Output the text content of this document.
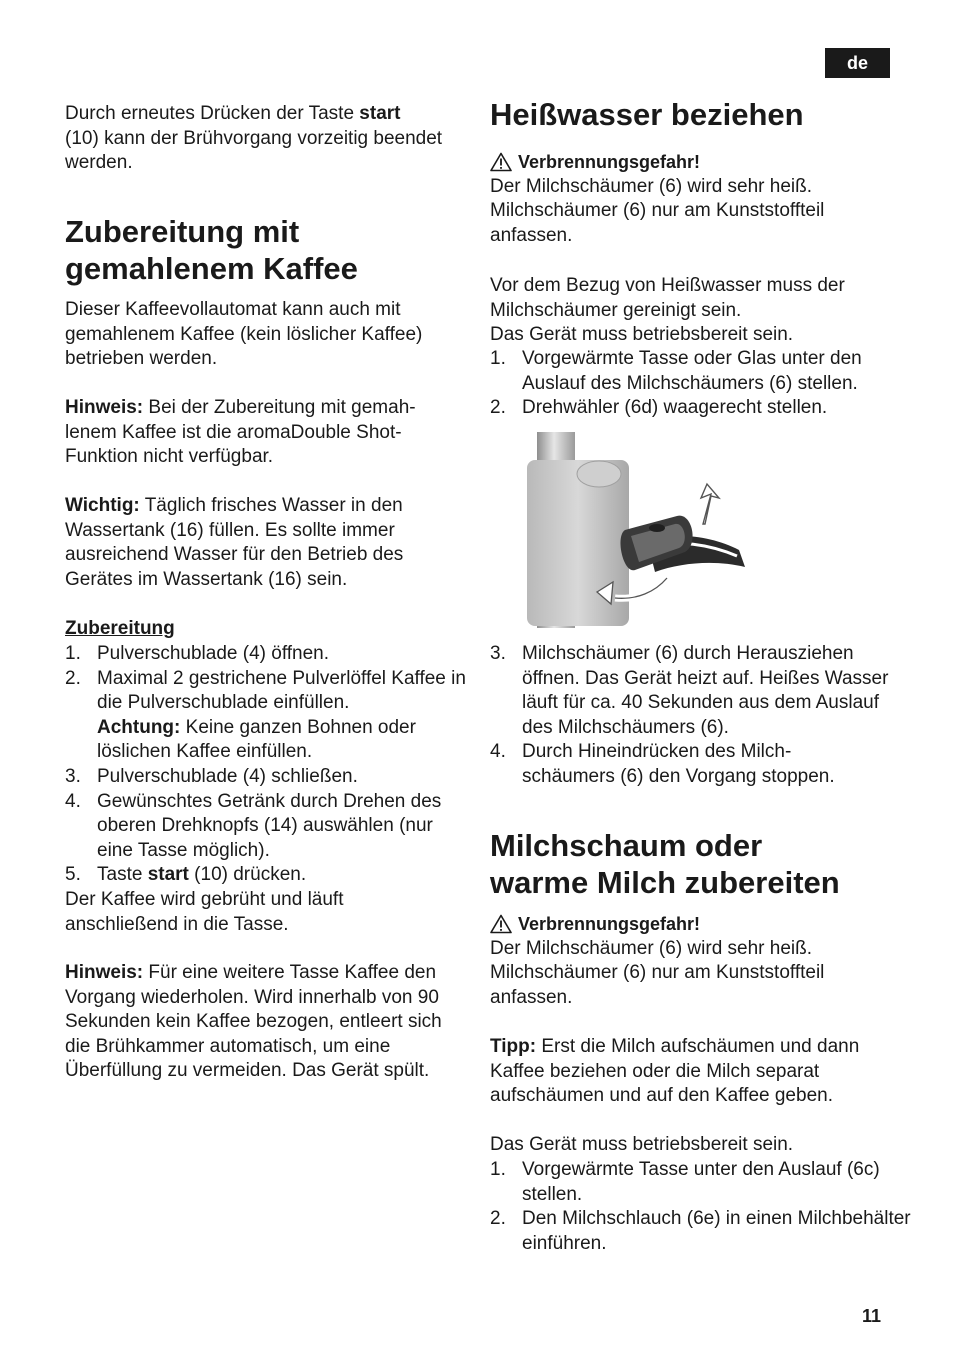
de

Durch erneutes Drücken der Taste start
(10) kann der Brühvorgang vorzeitig beendet werden.

Zubereitung mit
gemahlenem Kaffee

Dieser Kaffeevollautomat kann auch mit gemahlenem Kaffee (kein löslicher Kaffee) betrieben werden.

Hinweis: Bei der Zubereitung mit gemahlenem Kaffee ist die aromaDouble Shot-Funktion nicht verfügbar.

Wichtig: Täglich frisches Wasser in den Wassertank (16) füllen. Es sollte immer ausreichend Wasser für den Betrieb des Gerätes im Wassertank (16) sein.

Zubereitung

1. Pulverschublade (4) öffnen.
2. Maximal 2 gestrichene Pulverlöffel Kaffee in die Pulverschublade einfüllen.
Achtung: Keine ganzen Bohnen oder löslichen Kaffee einfüllen.
3. Pulverschublade (4) schließen.
4. Gewünschtes Getränk durch Drehen des oberen Drehknopfs (14) auswählen (nur eine Tasse möglich).
5. Taste start (10) drücken.

Der Kaffee wird gebrüht und läuft anschließend in die Tasse.

Hinweis: Für eine weitere Tasse Kaffee den Vorgang wiederholen. Wird innerhalb von 90 Sekunden kein Kaffee bezogen, entleert sich die Brühkammer automatisch, um eine Überfüllung zu vermeiden. Das Gerät spült.

Heißwasser beziehen
Verbrennungsgefahr!

Der Milchschäumer (6) wird sehr heiß. Milchschäumer (6) nur am Kunststoffteil anfassen.

Vor dem Bezug von Heißwasser muss der Milchschäumer gereinigt sein.

Das Gerät muss betriebsbereit sein.

1. Vorgewärmte Tasse oder Glas unter den Auslauf des Milchschäumers (6) stellen.
2. Drehwähler (6d) waagerecht stellen.
3. Milchschäumer (6) durch Herausziehen öffnen. Das Gerät heizt auf. Heißes Wasser läuft für ca. 40 Sekunden aus dem Auslauf des Milchschäumers (6).
4. Durch Hineindrücken des Milchschäumers (6) den Vorgang stoppen.
Milchschaum oder
warme Milch zubereiten
Verbrennungsgefahr!

Der Milchschäumer (6) wird sehr heiß. Milchschäumer (6) nur am Kunststoffteil anfassen.

Tipp: Erst die Milch aufschäumen und dann Kaffee beziehen oder die Milch separat aufschäumen und auf den Kaffee geben.

Das Gerät muss betriebsbereit sein.

1. Vorgewärmte Tasse unter den Auslauf (6c) stellen.
2. Den Milchschlauch (6e) in einen Milchbehälter einführen.
11
